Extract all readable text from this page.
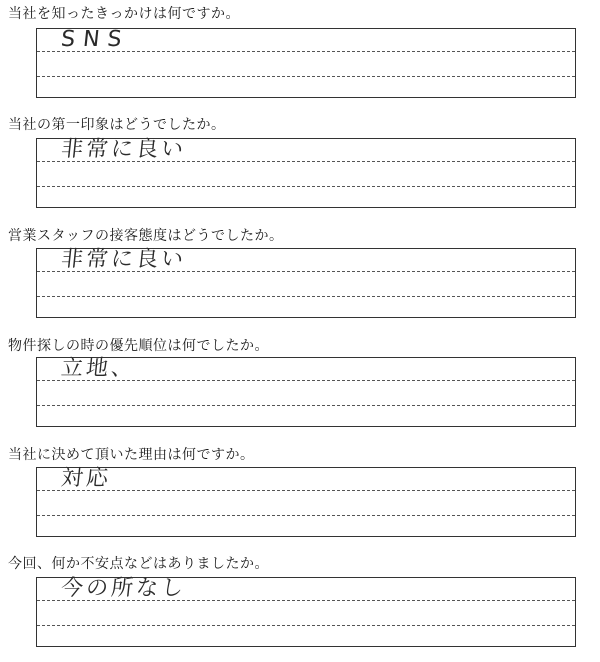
当社を知ったきっかけは何ですか。
SNS
当社の第一印象はどうでしたか。
非常に良い
営業スタッフの接客態度はどうでしたか。
非常に良い
物件探しの時の優先順位は何でしたか。
立地、
当社に決めて頂いた理由は何ですか。
対応
今回、何か不安点などはありましたか。
今の所なし
